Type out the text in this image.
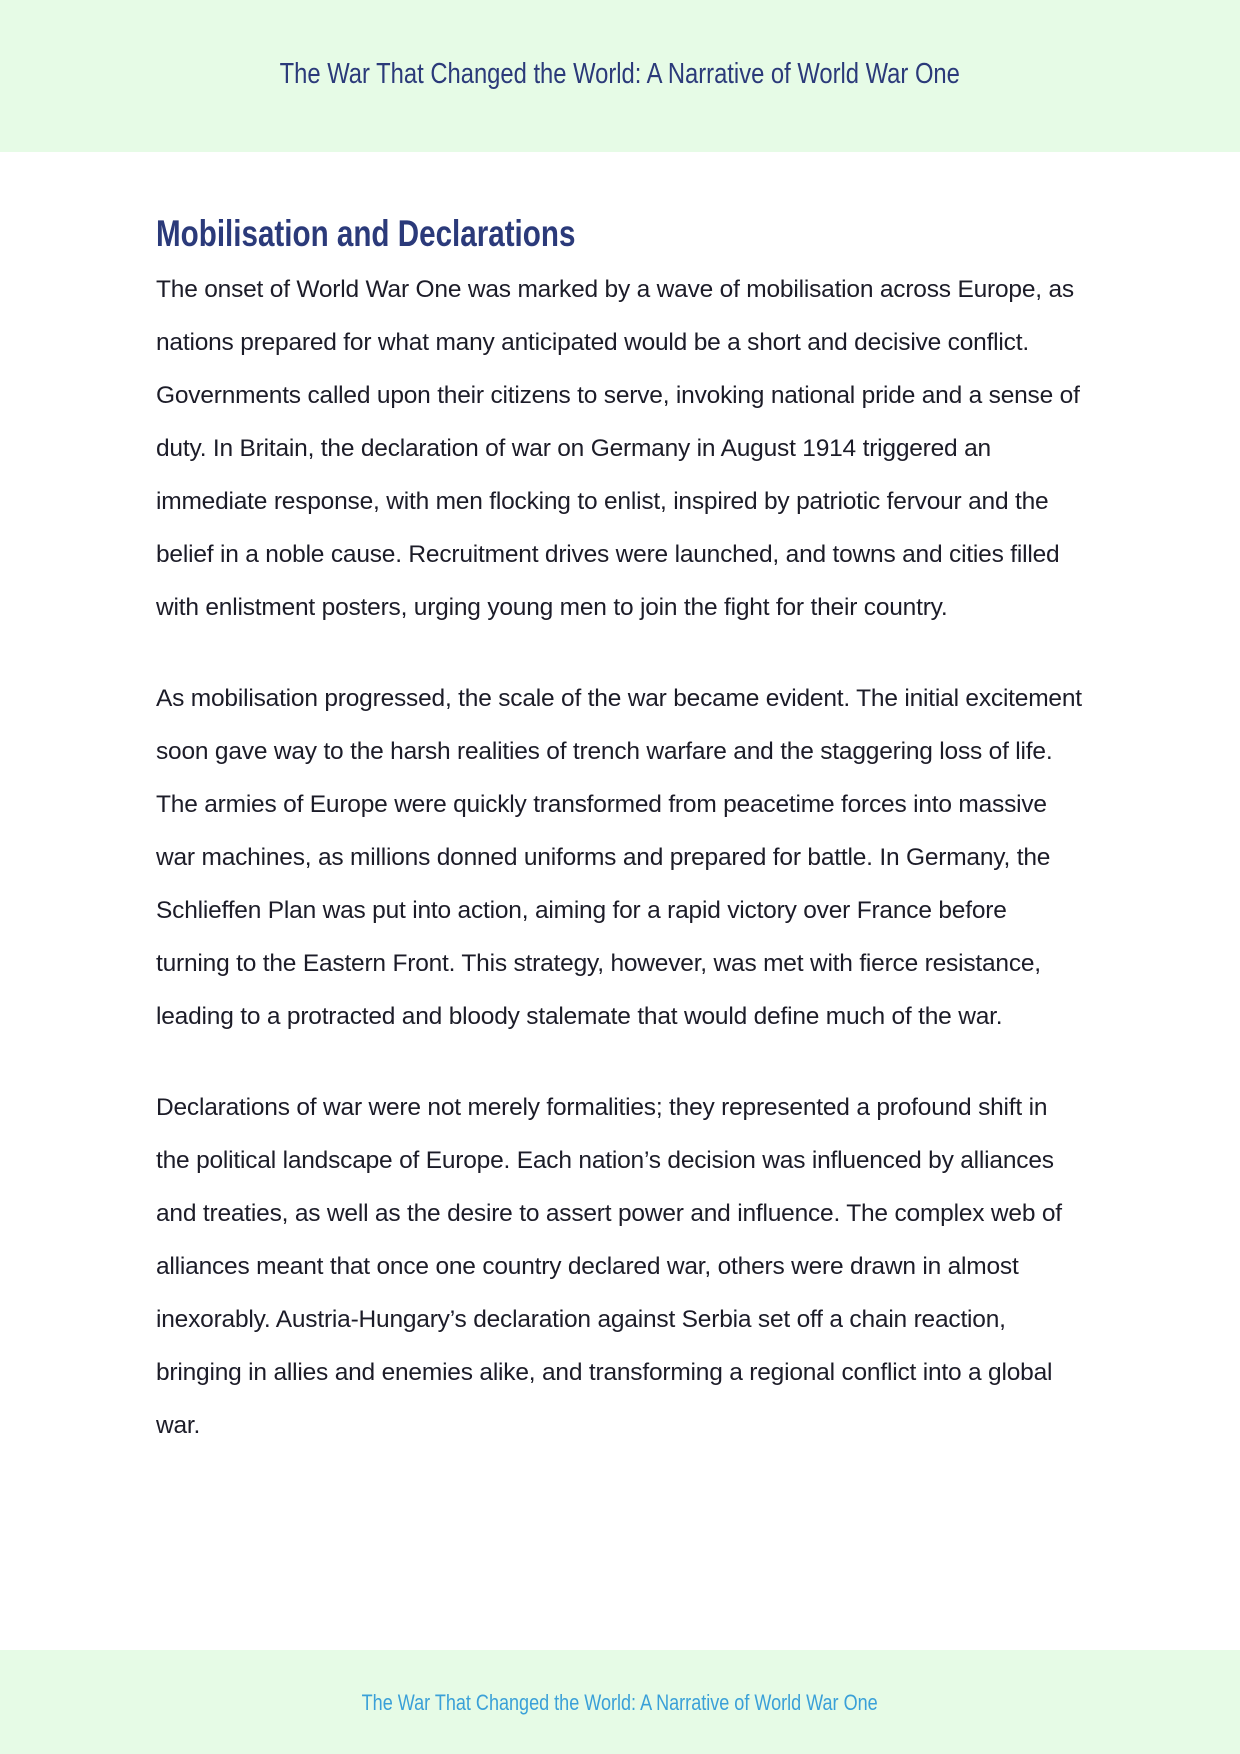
The War That Changed the World: A Narrative of World War One
Mobilisation and Declarations

The onset of World War One was marked by a wave of mobilisation across Europe, as nations prepared for what many anticipated would be a short and decisive conflict. Governments called upon their citizens to serve, invoking national pride and a sense of duty. In Britain, the declaration of war on Germany in August 1914 triggered an immediate response, with men flocking to enlist, inspired by patriotic fervour and the belief in a noble cause. Recruitment drives were launched, and towns and cities filled with enlistment posters, urging young men to join the fight for their country.

As mobilisation progressed, the scale of the war became evident. The initial excitement soon gave way to the harsh realities of trench warfare and the staggering loss of life. The armies of Europe were quickly transformed from peacetime forces into massive war machines, as millions donned uniforms and prepared for battle. In Germany, the Schlieffen Plan was put into action, aiming for a rapid victory over France before turning to the Eastern Front. This strategy, however, was met with fierce resistance, leading to a protracted and bloody stalemate that would define much of the war.

Declarations of war were not merely formalities; they represented a profound shift in the political landscape of Europe. Each nation’s decision was influenced by alliances and treaties, as well as the desire to assert power and influence. The complex web of alliances meant that once one country declared war, others were drawn in almost inexorably. Austria-Hungary’s declaration against Serbia set off a chain reaction, bringing in allies and enemies alike, and transforming a regional conflict into a global war.

The War That Changed the World: A Narrative of World War One
